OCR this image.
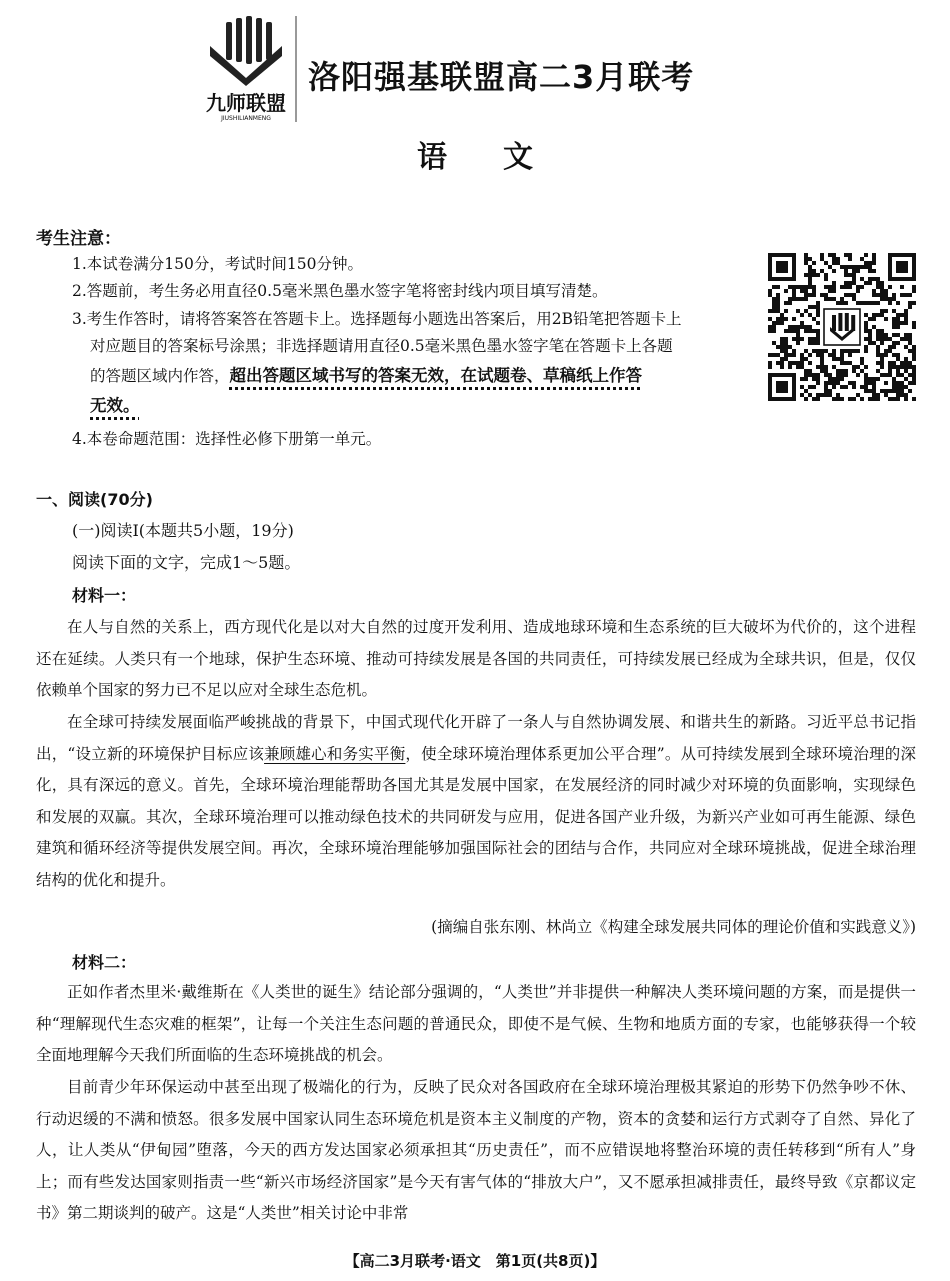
九师联盟
JIUSHILIANMENG
洛阳强基联盟高二3月联考
语文
考生注意：
1.本试卷满分150分，考试时间150分钟。
2.答题前，考生务必用直径0.5毫米黑色墨水签字笔将密封线内项目填写清楚。
3.考生作答时，请将答案答在答题卡上。选择题每小题选出答案后，用2B铅笔把答题卡上
对应题目的答案标号涂黑；非选择题请用直径0.5毫米黑色墨水签字笔在答题卡上各题
的答题区域内作答，超出答题区域书写的答案无效，在试题卷、草稿纸上作答
无效。
4.本卷命题范围：选择性必修下册第一单元。
一、阅读(70分)
(一)阅读Ⅰ(本题共5小题，19分)
阅读下面的文字，完成1～5题。
材料一：
在人与自然的关系上，西方现代化是以对大自然的过度开发利用、造成地球环境和生态系统的巨大破坏为代价的，这个进程还在延续。人类只有一个地球，保护生态环境、推动可持续发展是各国的共同责任，可持续发展已经成为全球共识，但是，仅仅依赖单个国家的努力已不足以应对全球生态危机。
在全球可持续发展面临严峻挑战的背景下，中国式现代化开辟了一条人与自然协调发展、和谐共生的新路。习近平总书记指出，“设立新的环境保护目标应该兼顾雄心和务实平衡，使全球环境治理体系更加公平合理”。从可持续发展到全球环境治理的深化，具有深远的意义。首先，全球环境治理能帮助各国尤其是发展中国家，在发展经济的同时减少对环境的负面影响，实现绿色和发展的双赢。其次，全球环境治理可以推动绿色技术的共同研发与应用，促进各国产业升级，为新兴产业如可再生能源、绿色建筑和循环经济等提供发展空间。再次，全球环境治理能够加强国际社会的团结与合作，共同应对全球环境挑战，促进全球治理结构的优化和提升。
(摘编自张东刚、林尚立《构建全球发展共同体的理论价值和实践意义》)
材料二：
正如作者杰里米·戴维斯在《人类世的诞生》结论部分强调的，“人类世”并非提供一种解决人类环境问题的方案，而是提供一种“理解现代生态灾难的框架”，让每一个关注生态问题的普通民众，即使不是气候、生物和地质方面的专家，也能够获得一个较全面地理解今天我们所面临的生态环境挑战的机会。
目前青少年环保运动中甚至出现了极端化的行为，反映了民众对各国政府在全球环境治理极其紧迫的形势下仍然争吵不休、行动迟缓的不满和愤怒。很多发展中国家认同生态环境危机是资本主义制度的产物，资本的贪婪和运行方式剥夺了自然、异化了人，让人类从“伊甸园”堕落，今天的西方发达国家必须承担其“历史责任”，而不应错误地将整治环境的责任转移到“所有人”身上；而有些发达国家则指责一些“新兴市场经济国家”是今天有害气体的“排放大户”，又不愿承担减排责任，最终导致《京都议定书》第二期谈判的破产。这是“人类世”相关讨论中非常
【高二3月联考·语文　第1页(共8页)】
